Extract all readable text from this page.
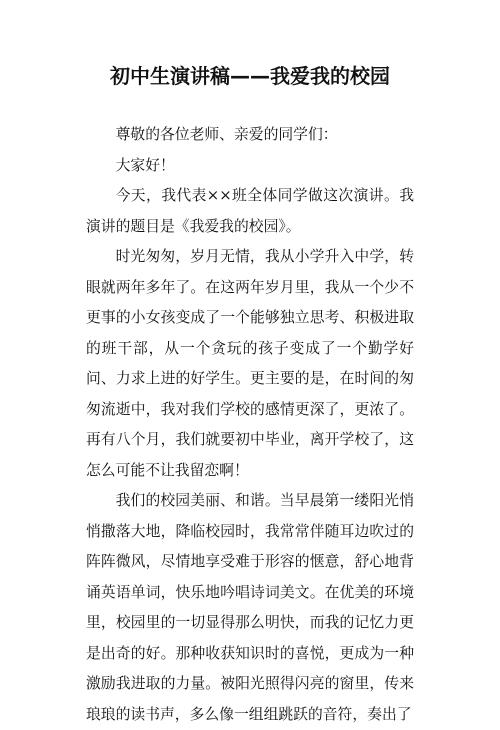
初中生演讲稿——我爱我的校园

尊敬的各位老师、亲爱的同学们：

大家好！

今天，我代表××班全体同学做这次演讲。我演讲的题目是《我爱我的校园》。

时光匆匆，岁月无情，我从小学升入中学，转眼就两年多年了。在这两年岁月里，我从一个少不更事的小女孩变成了一个能够独立思考、积极进取的班干部，从一个贪玩的孩子变成了一个勤学好问、力求上进的好学生。更主要的是，在时间的匆匆流逝中，我对我们学校的感情更深了，更浓了。再有八个月，我们就要初中毕业，离开学校了，这怎么可能不让我留恋啊！

我们的校园美丽、和谐。当早晨第一缕阳光悄悄撒落大地，降临校园时，我常常伴随耳边吹过的阵阵微风，尽情地享受难于形容的惬意，舒心地背诵英语单词，快乐地吟唱诗词美文。在优美的环境里，校园里的一切显得那么明快，而我的记忆力更是出奇的好。那种收获知识时的喜悦，更成为一种激励我进取的力量。被阳光照得闪亮的窗里，传来琅琅的读书声，多么像一组组跳跃的音符，奏出了
